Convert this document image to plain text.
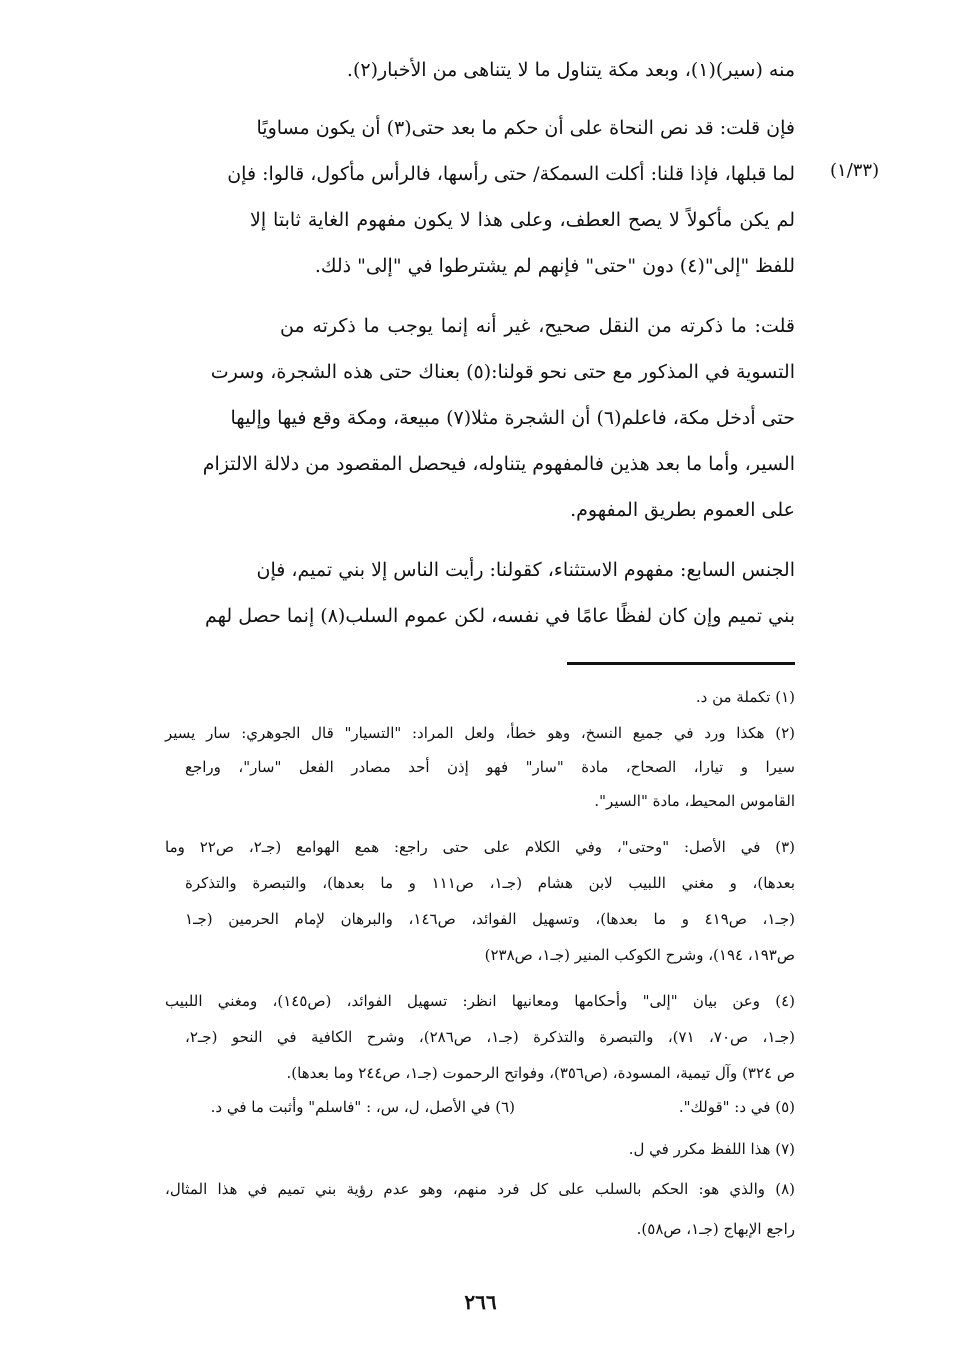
منه (سير)(١)، وبعد مكة يتناول ما لا يتناهى من الأخبار(٢).
فإن قلت: قد نص النحاة على أن حكم ما بعد حتى(٣) أن يكون مساويًا
لما قبلها، فإذا قلنا: أكلت السمكة/ حتى رأسها، فالرأس مأكول، قالوا: فإن
لم يكن مأكولاً لا يصح العطف، وعلى هذا لا يكون مفهوم الغاية ثابتا إلا
للفظ "إلى"(٤) دون "حتى" فإنهم لم يشترطوا في "إلى" ذلك.
قلت: ما ذكرته من النقل صحيح، غير أنه إنما يوجب ما ذكرته من
التسوية في المذكور مع حتى نحو قولنا:(٥) بعناك حتى هذه الشجرة، وسرت
حتى أدخل مكة، فاعلم(٦) أن الشجرة مثلا(٧) مبيعة، ومكة وقع فيها وإليها
السير، وأما ما بعد هذين فالمفهوم يتناوله، فيحصل المقصود من دلالة الالتزام
على العموم بطريق المفهوم.
الجنس السابع: مفهوم الاستثناء، كقولنا: رأيت الناس إلا بني تميم، فإن
بني تميم وإن كان لفظًا عامًا في نفسه، لكن عموم السلب(٨) إنما حصل لهم
(١/٣٣)
(١) تكملة من د.
(٢) هكذا ورد في جميع النسخ، وهو خطأ، ولعل المراد: "التسيار" قال الجوهري: سار يسير
سيرا و تيارا، الصحاح، مادة "سار" فهو إذن أحد مصادر الفعل "سار"، وراجع
القاموس المحيط، مادة "السير".
(٣) في الأصل: "وحتى"، وفي الكلام على حتى راجع: همع الهوامع (جـ٢، ص٢٢ وما
بعدها)، و مغني اللبيب لابن هشام (جـ١، ص١١١ و ما بعدها)، والتبصرة والتذكرة
(جـ١، ص٤١٩ و ما بعدها)، وتسهيل الفوائد، ص١٤٦، والبرهان لإمام الحرمين (جـ١
ص١٩٣، ١٩٤)، وشرح الكوكب المنير (جـ١، ص٢٣٨)
(٤) وعن بيان "إلى" وأحكامها ومعانيها انظر: تسهيل الفوائد، (ص١٤٥)، ومغني اللبيب
(جـ١، ص٧٠، ٧١)، والتبصرة والتذكرة (جـ١، ص٢٨٦)، وشرح الكافية في النحو (جـ٢،
ص ٣٢٤) وآل تيمية، المسودة، (ص٣٥٦)، وفواتح الرحموت (جـ١، ص٢٤٤ وما بعدها).
(٥) في د: "قولك".
(٦) في الأصل، ل، س، : "فاسلم" وأثبت ما في د.
(٧) هذا اللفظ مكرر في ل.
(٨) والذي هو: الحكم بالسلب على كل فرد منهم، وهو عدم رؤية بني تميم في هذا المثال،
راجع الإبهاج (جـ١، ص٥٨).
٢٦٦
